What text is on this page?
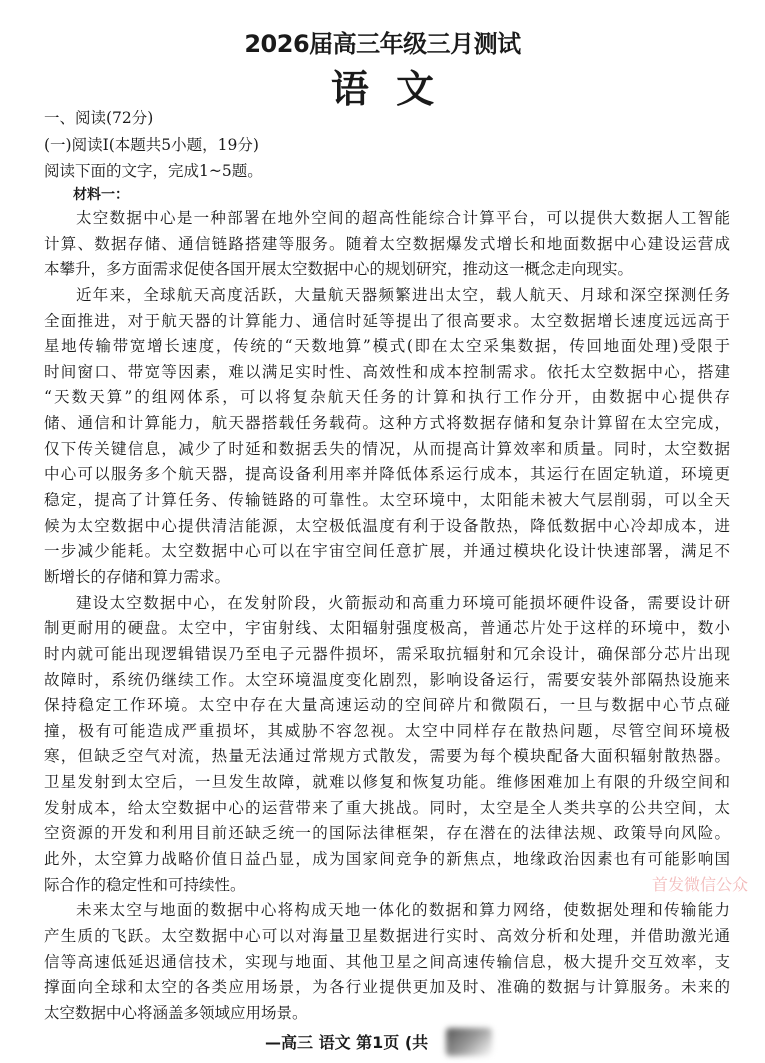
2026届高三年级三月测试
语 文
一、阅读(72分)
(一)阅读Ⅰ(本题共5小题，19分)
阅读下面的文字，完成1~5题。
材料一：
太空数据中心是一种部署在地外空间的超高性能综合计算平台，可以提供大数据人工智能
计算、数据存储、通信链路搭建等服务。随着太空数据爆发式增长和地面数据中心建设运营成
本攀升，多方面需求促使各国开展太空数据中心的规划研究，推动这一概念走向现实。
近年来，全球航天高度活跃，大量航天器频繁进出太空，载人航天、月球和深空探测任务
全面推进，对于航天器的计算能力、通信时延等提出了很高要求。太空数据增长速度远远高于
星地传输带宽增长速度，传统的“天数地算”模式(即在太空采集数据，传回地面处理)受限于
时间窗口、带宽等因素，难以满足实时性、高效性和成本控制需求。依托太空数据中心，搭建
“天数天算”的组网体系，可以将复杂航天任务的计算和执行工作分开，由数据中心提供存
储、通信和计算能力，航天器搭载任务载荷。这种方式将数据存储和复杂计算留在太空完成，
仅下传关键信息，减少了时延和数据丢失的情况，从而提高计算效率和质量。同时，太空数据
中心可以服务多个航天器，提高设备利用率并降低体系运行成本，其运行在固定轨道，环境更
稳定，提高了计算任务、传输链路的可靠性。太空环境中，太阳能未被大气层削弱，可以全天
候为太空数据中心提供清洁能源，太空极低温度有利于设备散热，降低数据中心冷却成本，进
一步减少能耗。太空数据中心可以在宇宙空间任意扩展，并通过模块化设计快速部署，满足不
断增长的存储和算力需求。
建设太空数据中心，在发射阶段，火箭振动和高重力环境可能损坏硬件设备，需要设计研
制更耐用的硬盘。太空中，宇宙射线、太阳辐射强度极高，普通芯片处于这样的环境中，数小
时内就可能出现逻辑错误乃至电子元器件损坏，需采取抗辐射和冗余设计，确保部分芯片出现
故障时，系统仍继续工作。太空环境温度变化剧烈，影响设备运行，需要安装外部隔热设施来
保持稳定工作环境。太空中存在大量高速运动的空间碎片和微陨石，一旦与数据中心节点碰
撞，极有可能造成严重损坏，其威胁不容忽视。太空中同样存在散热问题，尽管空间环境极
寒，但缺乏空气对流，热量无法通过常规方式散发，需要为每个模块配备大面积辐射散热器。
卫星发射到太空后，一旦发生故障，就难以修复和恢复功能。维修困难加上有限的升级空间和
发射成本，给太空数据中心的运营带来了重大挑战。同时，太空是全人类共享的公共空间，太
空资源的开发和利用目前还缺乏统一的国际法律框架，存在潜在的法律法规、政策导向风险。
此外，太空算力战略价值日益凸显，成为国家间竞争的新焦点，地缘政治因素也有可能影响国
际合作的稳定性和可持续性。
未来太空与地面的数据中心将构成天地一体化的数据和算力网络，使数据处理和传输能力
产生质的飞跃。太空数据中心可以对海量卫星数据进行实时、高效分析和处理，并借助激光通
信等高速低延迟通信技术，实现与地面、其他卫星之间高速传输信息，极大提升交互效率，支
撑面向全球和太空的各类应用场景，为各行业提供更加及时、准确的数据与计算服务。未来的
太空数据中心将涵盖多领域应用场景。
首发微信公众
—高三 语文 第1页 (共
